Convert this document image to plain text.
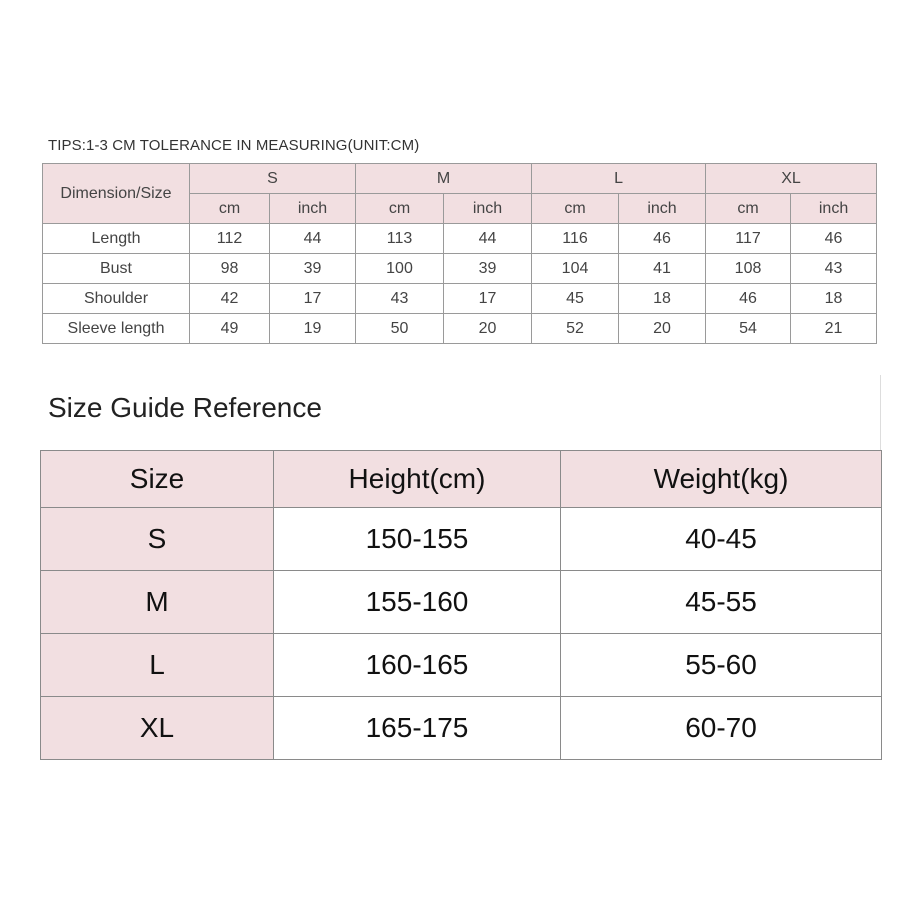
TIPS:1-3 CM TOLERANCE IN MEASURING(UNIT:CM)
Dimension/Size	S		M		L		XL	
	cm	inch	cm	inch	cm	inch	cm	inch
Length	112	44	113	44	116	46	117	46
Bust	98	39	100	39	104	41	108	43
Shoulder	42	17	43	17	45	18	46	18
Sleeve length	49	19	50	20	52	20	54	21
Size Guide Reference
Size	Height(cm)	Weight(kg)
S	150-155	40-45
M	155-160	45-55
L	160-165	55-60
XL	165-175	60-70
